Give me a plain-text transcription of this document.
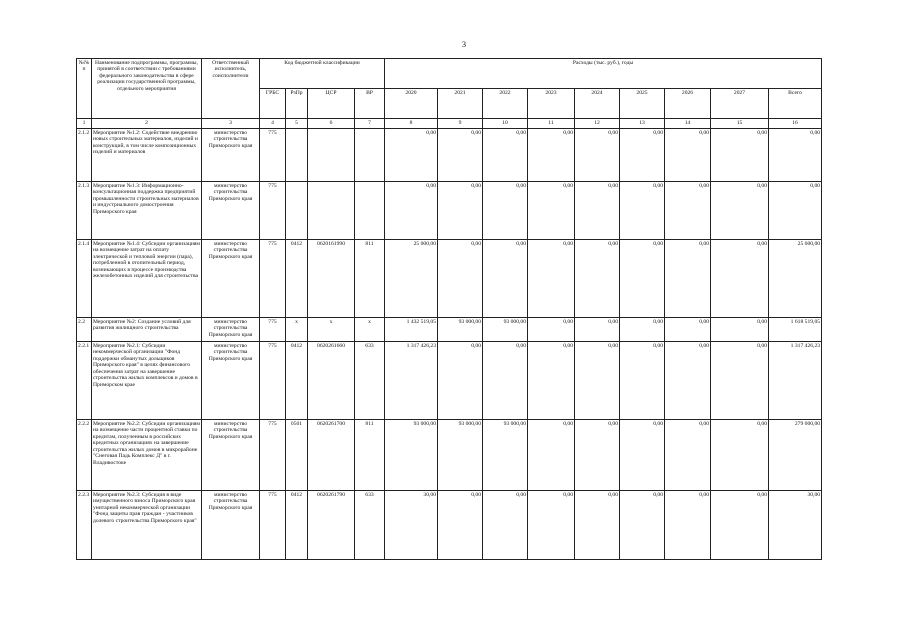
3
№№ п	Наименование подпрограммы, программы, принятой в соответствии с требованиями федерального законодательства в сфере реализации государственной программы, отдельного мероприятия	Ответственный исполнитель, соисполнители	Код бюджетной классификации				Расходы (тыс. руб.), годы								
			ГРБС	РзПр	ЦСР	ВР	2020	2021	2022	2023	2024	2025	2026	2027	Всего
1	2	3	4	5	6	7	8	9	10	11	12	13	14	15	16
2.1.2	Мероприятие №1.2: Содействие внедрению новых строительных материалов, изделий и конструкций, в том числе композиционных изделий и материалов	министерство строительства Приморского края	775				0,00	0,00	0,00	0,00	0,00	0,00	0,00	0,00	0,00
2.1.3	Мероприятие №1.3: Информационно-консультационная поддержка предприятий промышленности строительных материалов и индустриального домостроения Приморского края	министерство строительства Приморского края	775				0,00	0,00	0,00	0,00	0,00	0,00	0,00	0,00	0,00
2.1.4	Мероприятие №1.4: Субсидии организациям на возмещение затрат на оплату электрической и тепловой энергии (пара), потребленной в отопительный период, возникающих в процессе производства железобетонных изделий для строительства	министерство строительства Приморского края	775	0412	0620161990	811	25 000,00	0,00	0,00	0,00	0,00	0,00	0,00	0,00	25 000,00
2.2	Мероприятие №2: Создание условий для развития жилищного строительства	министерство строительства Приморского края	775	х	х	х	1 432 519,05	93 000,00	93 000,00	0,00	0,00	0,00	0,00	0,00	1 618 519,05
2.2.1	Мероприятие №2.1: Субсидии некоммерческой организации "Фонд поддержки обманутых дольщиков Приморского края" в целях финансового обеспечения затрат на завершение строительства жилых комплексов и домов в Приморском крае	министерство строительства Приморского края	775	0412	0620261660	633	1 317 426,23	0,00	0,00	0,00	0,00	0,00	0,00	0,00	1 317 426,23
2.2.2	Мероприятие №2.2: Субсидии организациям на возмещение части процентной ставки по кредитам, полученным в российских кредитных организациях на завершение строительства жилых домов в микрорайоне "Снеговая Падь Комплекс Д" в г. Владивостоке	министерство строительства Приморского края	775	0501	0620261700	811	93 000,00	93 000,00	93 000,00	0,00	0,00	0,00	0,00	0,00	279 000,00
2.2.3	Мероприятие №2.3: Субсидия в виде имущественного взноса Приморского края унитарной некоммерческой организации "Фонд защиты прав граждан - участников долевого строительства Приморского края"	министерство строительства Приморского края	775	0412	0620261790	633	30,00	0,00	0,00	0,00	0,00	0,00	0,00	0,00	30,00
